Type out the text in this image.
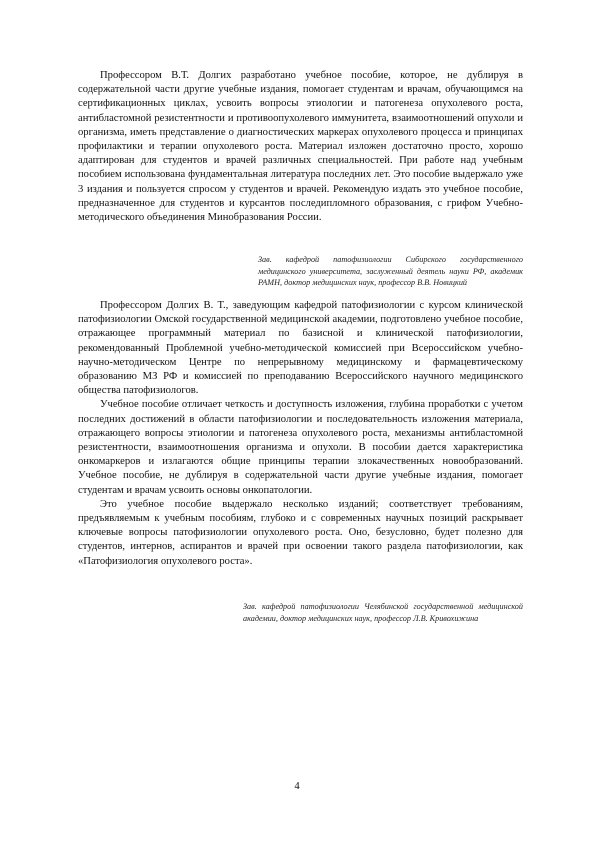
Профессором В.Т. Долгих разработано учебное пособие, которое, не дублируя в содержательной части другие учебные издания, помогает студентам и врачам, обучающимся на сертификационных циклах, усвоить вопросы этиологии и патогенеза опухолевого роста, антибластомной резистентности и противоопухолевого иммунитета, взаимоотношений опухоли и организма, иметь представление о диагностических маркерах опухолевого процесса и принципах профилактики и терапии опухолевого роста. Материал изложен достаточно просто, хорошо адаптирован для студентов и врачей различных специальностей. При работе над учебным пособием использована фундаментальная литература последних лет. Это пособие выдержало уже 3 издания и пользуется спросом у студентов и врачей. Рекомендую издать это учебное пособие, предназначенное для студентов и курсантов последипломного образования, с грифом Учебно-методического объединения Минобразования России.

Зав. кафедрой патофизиологии Сибирского государственного медицинского университета, заслуженный деятель науки РФ, академик РАМН, доктор медицинских наук, профессор В.В. Новицкий

Профессором Долгих В. Т., заведующим кафедрой патофизиологии с курсом клинической патофизиологии Омской государственной медицинской академии, подготовлено учебное пособие, отражающее программный материал по базисной и клинической патофизиологии, рекомендованный Проблемной учебно-методической комиссией при Всероссийском учебно-научно-методическом Центре по непрерывному медицинскому и фармацевтическому образованию МЗ РФ и комиссией по преподаванию Всероссийского научного медицинского общества патофизиологов.

Учебное пособие отличает четкость и доступность изложения, глубина проработки с учетом последних достижений в области патофизиологии и последовательность изложения материала, отражающего вопросы этиологии и патогенеза опухолевого роста, механизмы антибластомной резистентности, взаимоотношения организма и опухоли. В пособии дается характеристика онкомаркеров и излагаются общие принципы терапии злокачественных новообразований. Учебное пособие, не дублируя в содержательной части другие учебные издания, помогает студентам и врачам усвоить основы онкопатологии.

Это учебное пособие выдержало несколько изданий; соответствует требованиям, предъявляемым к учебным пособиям, глубоко и с современных научных позиций раскрывает ключевые вопросы патофизиологии опухолевого роста. Оно, безусловно, будет полезно для студентов, интернов, аспирантов и врачей при освоении такого раздела патофизиологии, как «Патофизиология опухолевого роста».

Зав. кафедрой патофизиологии Челябинской государственной медицинской академии, доктор медицинских наук, профессор Л.В. Кривохижина

4
